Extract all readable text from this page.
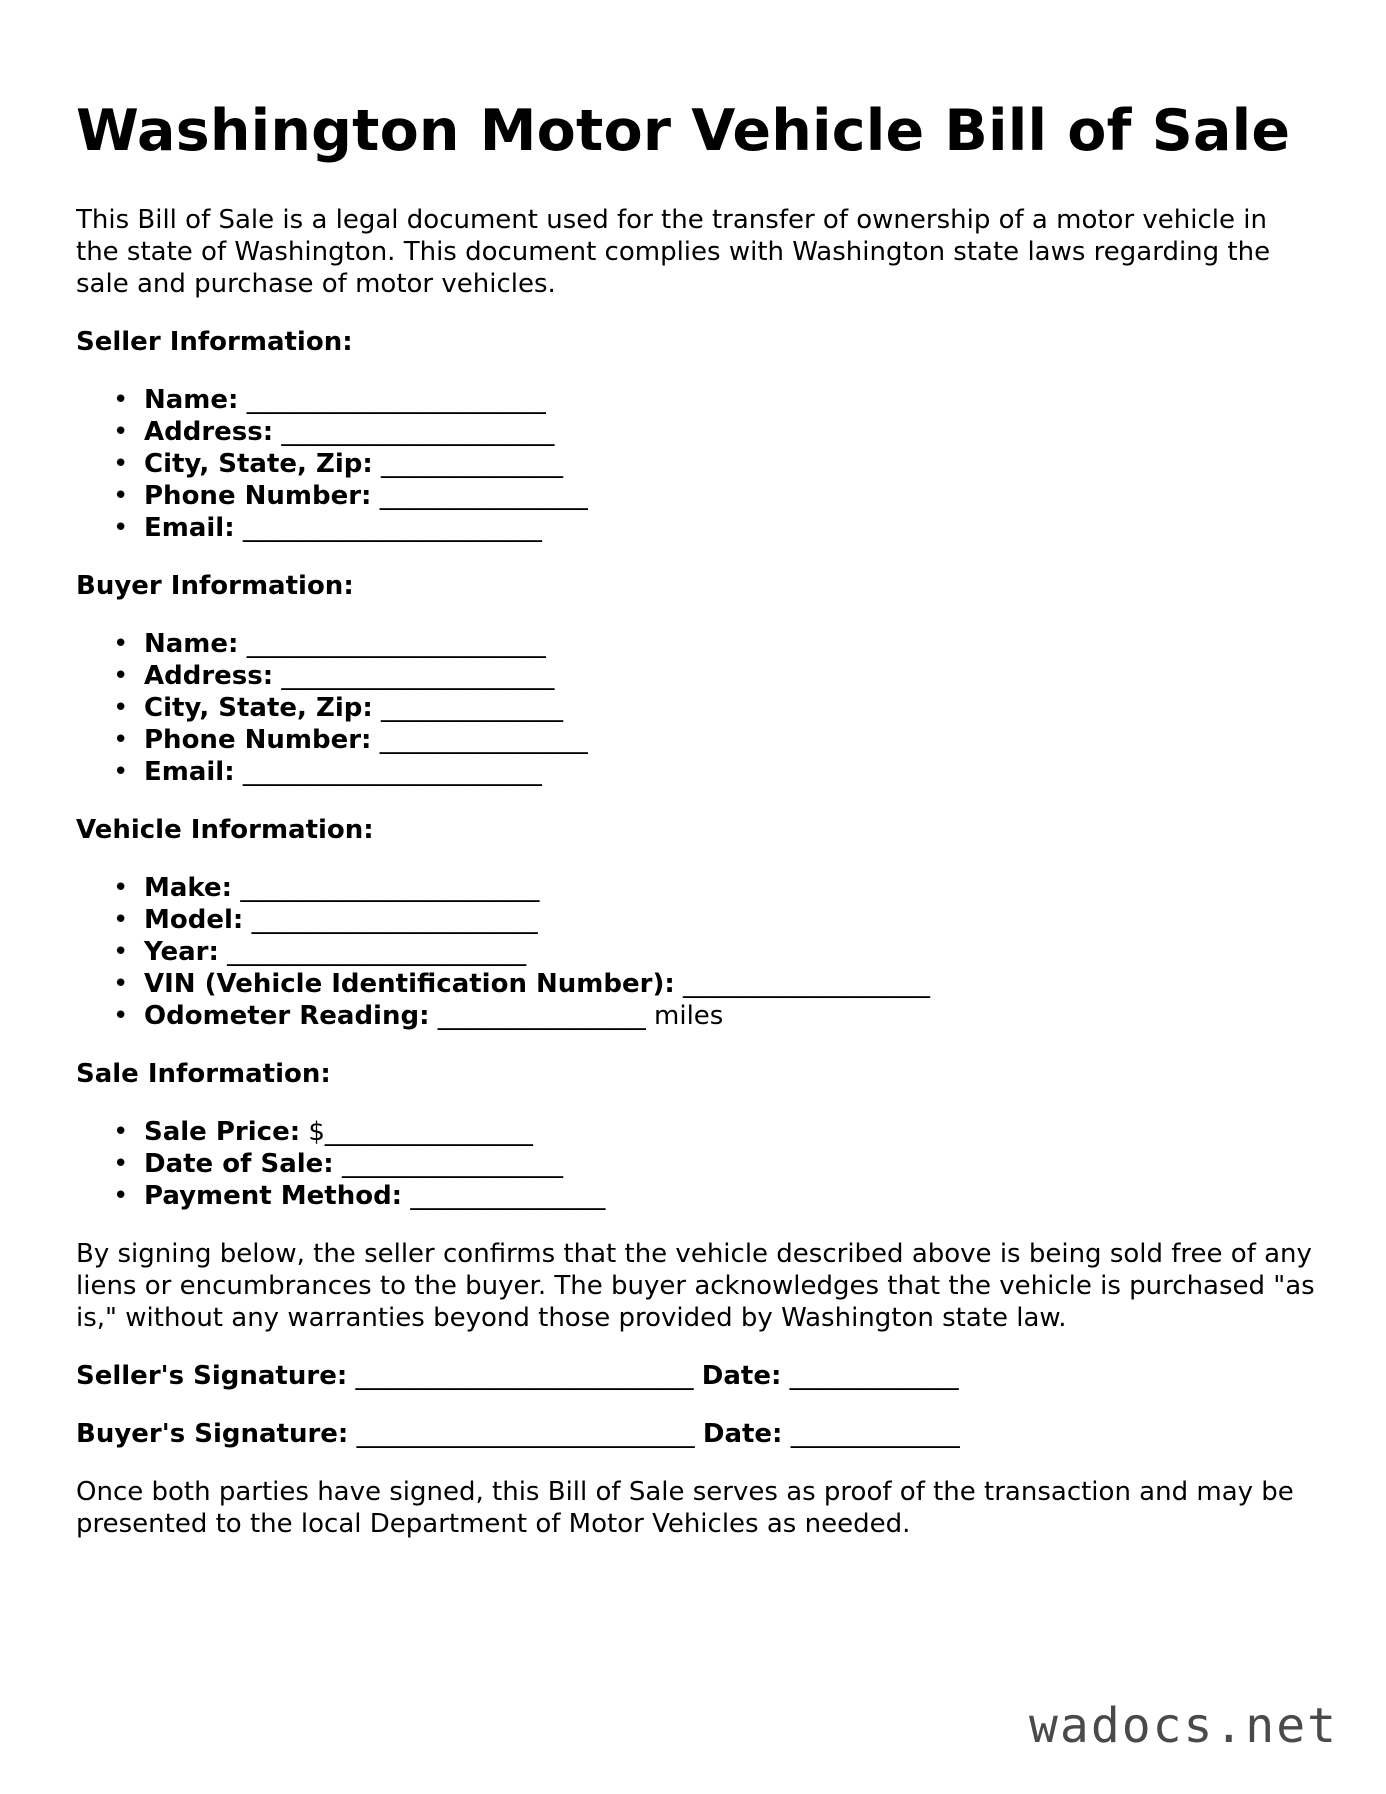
Washington Motor Vehicle Bill of Sale

This Bill of Sale is a legal document used for the transfer of ownership of a motor vehicle in the state of Washington. This document complies with Washington state laws regarding the sale and purchase of motor vehicles.

Seller Information:
• Name: _______________________
• Address: _____________________
• City, State, Zip: ______________
• Phone Number: ________________
• Email: _______________________
Buyer Information:
• Name: _______________________
• Address: _____________________
• City, State, Zip: ______________
• Phone Number: ________________
• Email: _______________________
Vehicle Information:
• Make: _______________________
• Model: ______________________
• Year: _______________________
• VIN (Vehicle Identification Number): ___________________
• Odometer Reading: ________________ miles
Sale Information:
• Sale Price: $________________
• Date of Sale: _________________
• Payment Method: _______________

By signing below, the seller confirms that the vehicle described above is being sold free of any liens or encumbrances to the buyer. The buyer acknowledges that the vehicle is purchased "as is," without any warranties beyond those provided by Washington state law.

Seller's Signature: __________________________ Date: _____________
Buyer's Signature: __________________________ Date: _____________

Once both parties have signed, this Bill of Sale serves as proof of the transaction and may be presented to the local Department of Motor Vehicles as needed.

wadocs.net
